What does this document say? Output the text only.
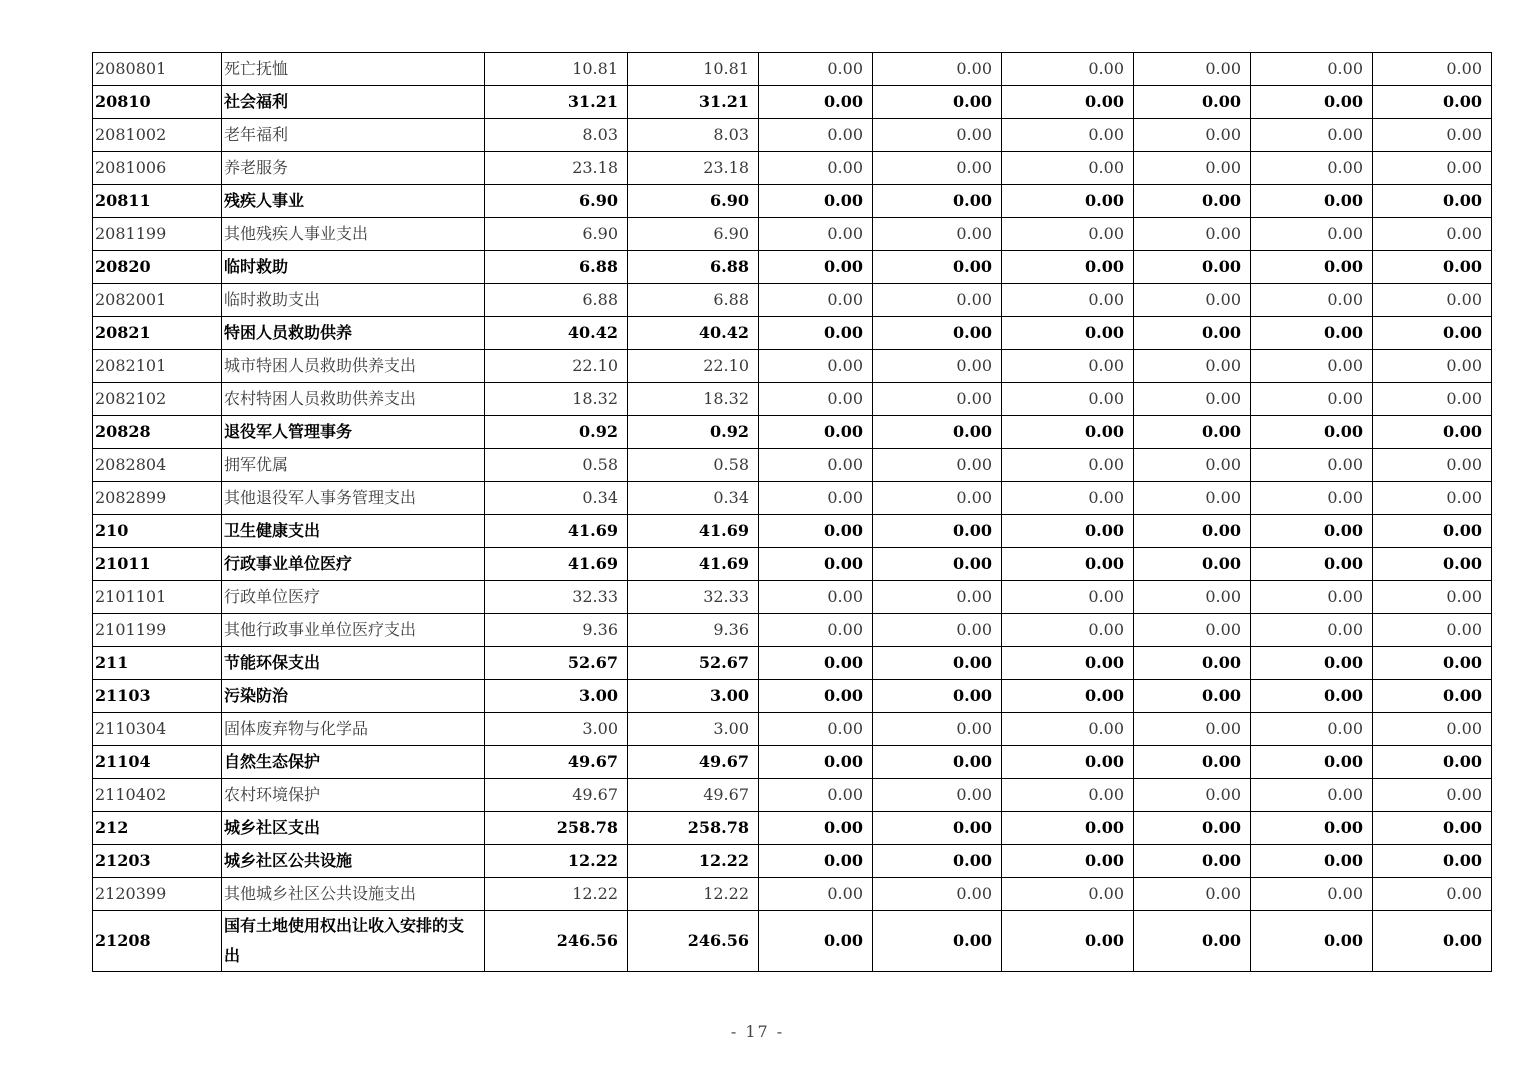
2080801	死亡抚恤	10.81	10.81	0.00	0.00	0.00	0.00	0.00	0.00
20810	社会福利	31.21	31.21	0.00	0.00	0.00	0.00	0.00	0.00
2081002	老年福利	8.03	8.03	0.00	0.00	0.00	0.00	0.00	0.00
2081006	养老服务	23.18	23.18	0.00	0.00	0.00	0.00	0.00	0.00
20811	残疾人事业	6.90	6.90	0.00	0.00	0.00	0.00	0.00	0.00
2081199	其他残疾人事业支出	6.90	6.90	0.00	0.00	0.00	0.00	0.00	0.00
20820	临时救助	6.88	6.88	0.00	0.00	0.00	0.00	0.00	0.00
2082001	临时救助支出	6.88	6.88	0.00	0.00	0.00	0.00	0.00	0.00
20821	特困人员救助供养	40.42	40.42	0.00	0.00	0.00	0.00	0.00	0.00
2082101	城市特困人员救助供养支出	22.10	22.10	0.00	0.00	0.00	0.00	0.00	0.00
2082102	农村特困人员救助供养支出	18.32	18.32	0.00	0.00	0.00	0.00	0.00	0.00
20828	退役军人管理事务	0.92	0.92	0.00	0.00	0.00	0.00	0.00	0.00
2082804	拥军优属	0.58	0.58	0.00	0.00	0.00	0.00	0.00	0.00
2082899	其他退役军人事务管理支出	0.34	0.34	0.00	0.00	0.00	0.00	0.00	0.00
210	卫生健康支出	41.69	41.69	0.00	0.00	0.00	0.00	0.00	0.00
21011	行政事业单位医疗	41.69	41.69	0.00	0.00	0.00	0.00	0.00	0.00
2101101	行政单位医疗	32.33	32.33	0.00	0.00	0.00	0.00	0.00	0.00
2101199	其他行政事业单位医疗支出	9.36	9.36	0.00	0.00	0.00	0.00	0.00	0.00
211	节能环保支出	52.67	52.67	0.00	0.00	0.00	0.00	0.00	0.00
21103	污染防治	3.00	3.00	0.00	0.00	0.00	0.00	0.00	0.00
2110304	固体废弃物与化学品	3.00	3.00	0.00	0.00	0.00	0.00	0.00	0.00
21104	自然生态保护	49.67	49.67	0.00	0.00	0.00	0.00	0.00	0.00
2110402	农村环境保护	49.67	49.67	0.00	0.00	0.00	0.00	0.00	0.00
212	城乡社区支出	258.78	258.78	0.00	0.00	0.00	0.00	0.00	0.00
21203	城乡社区公共设施	12.22	12.22	0.00	0.00	0.00	0.00	0.00	0.00
2120399	其他城乡社区公共设施支出	12.22	12.22	0.00	0.00	0.00	0.00	0.00	0.00
21208	国有土地使用权出让收入安排的支出	246.56	246.56	0.00	0.00	0.00	0.00	0.00	0.00
- 17 -
